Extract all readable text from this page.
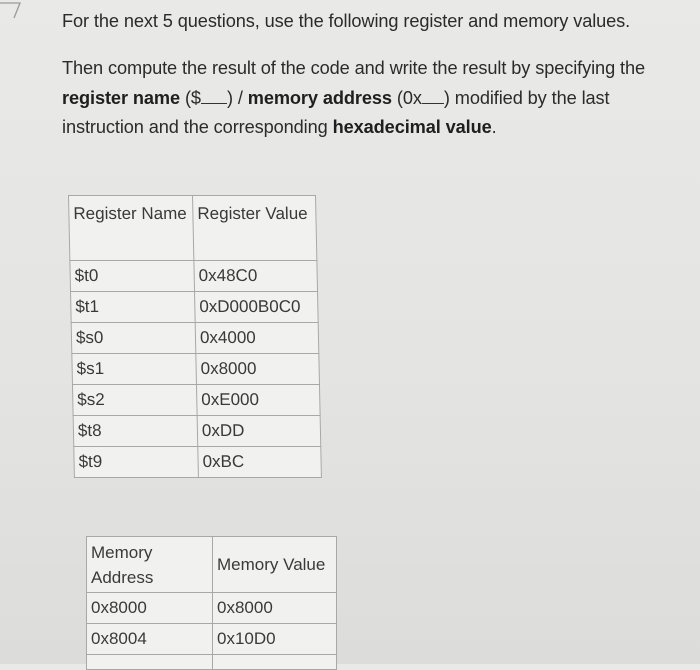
For the next 5 questions, use the following register and memory values.

Then compute the result of the code and write the result by specifying the register name ($ ) / memory address (0x ) modified by the last instruction and the corresponding hexadecimal value.

Register Name	Register Value
$t0	0x48C0
$t1	0xD000B0C0
$s0	0x4000
$s1	0x8000
$s2	0xE000
$t8	0xDD
$t9	0xBC
Memory Address	Memory Value
0x8000	0x8000
0x8004	0x10D0
